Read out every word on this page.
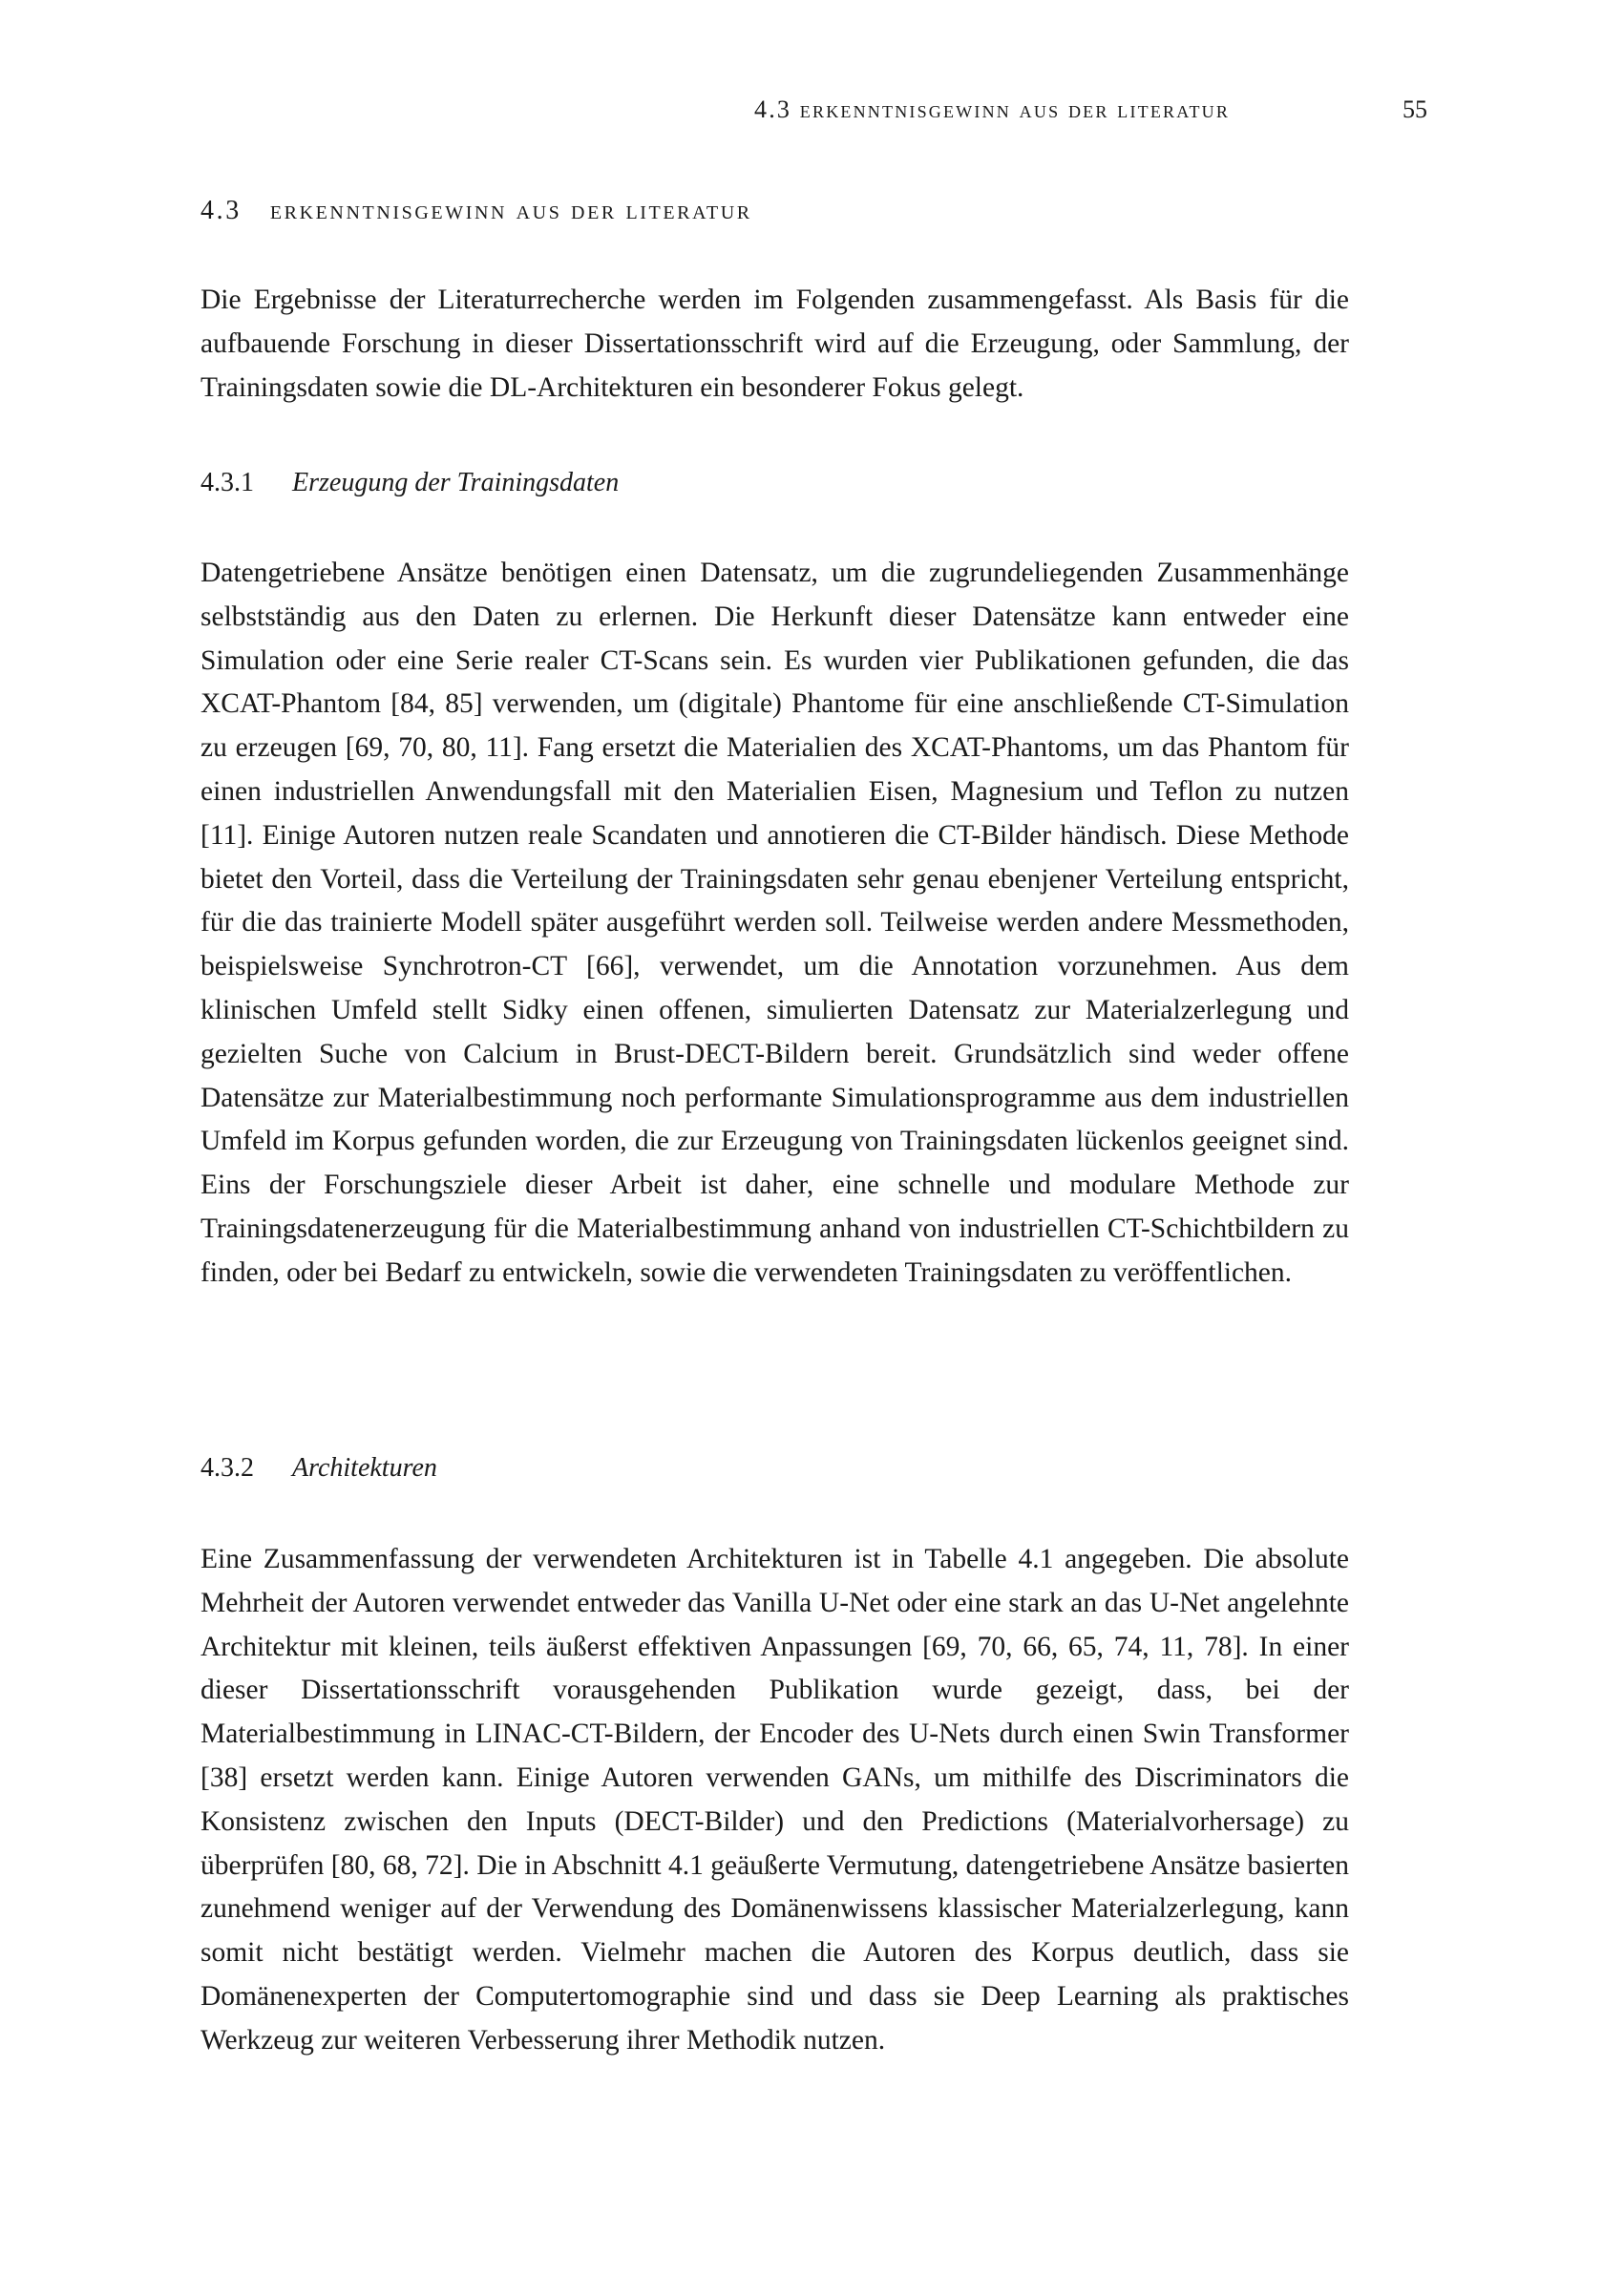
4.3 erkenntnisgewinn aus der literatur	55
4.3 erkenntnisgewinn aus der literatur

Die Ergebnisse der Literaturrecherche werden im Folgenden zusammengefasst. Als Basis für die aufbauende Forschung in dieser Dissertationsschrift wird auf die Erzeugung, oder Sammlung, der Trainingsdaten sowie die DL-Architekturen ein besonderer Fokus gelegt.

4.3.1 Erzeugung der Trainingsdaten

Datengetriebene Ansätze benötigen einen Datensatz, um die zugrundeliegenden Zusammenhänge selbstständig aus den Daten zu erlernen. Die Herkunft dieser Datensätze kann entweder eine Simulation oder eine Serie realer CT-Scans sein. Es wurden vier Publikationen gefunden, die das XCAT-Phantom [84, 85] verwenden, um (digitale) Phantome für eine anschließende CT-Simulation zu erzeugen [69, 70, 80, 11]. Fang ersetzt die Materialien des XCAT-Phantoms, um das Phantom für einen industriellen Anwendungsfall mit den Materialien Eisen, Magnesium und Teflon zu nutzen [11]. Einige Autoren nutzen reale Scandaten und annotieren die CT-Bilder händisch. Diese Methode bietet den Vorteil, dass die Verteilung der Trainingsdaten sehr genau ebenjener Verteilung entspricht, für die das trainierte Modell später ausgeführt werden soll. Teilweise werden andere Messmethoden, beispielsweise Synchrotron-CT [66], verwendet, um die Annotation vorzunehmen. Aus dem klinischen Umfeld stellt Sidky einen offenen, simulierten Datensatz zur Materialzerlegung und gezielten Suche von Calcium in Brust-DECT-Bildern bereit. Grundsätzlich sind weder offene Datensätze zur Materialbestimmung noch performante Simulationsprogramme aus dem industriellen Umfeld im Korpus gefunden worden, die zur Erzeugung von Trainingsdaten lückenlos geeignet sind. Eins der Forschungsziele dieser Arbeit ist daher, eine schnelle und modulare Methode zur Trainingsdatenerzeugung für die Materialbestimmung anhand von industriellen CT-Schichtbildern zu finden, oder bei Bedarf zu entwickeln, sowie die verwendeten Trainingsdaten zu veröffentlichen.

4.3.2 Architekturen

Eine Zusammenfassung der verwendeten Architekturen ist in Tabelle 4.1 angegeben. Die absolute Mehrheit der Autoren verwendet entweder das Vanilla U-Net oder eine stark an das U-Net angelehnte Architektur mit kleinen, teils äußerst effektiven Anpassungen [69, 70, 66, 65, 74, 11, 78]. In einer dieser Dissertationsschrift vorausgehenden Publikation wurde gezeigt, dass, bei der Materialbestimmung in LINAC-CT-Bildern, der Encoder des U-Nets durch einen Swin Transformer [38] ersetzt werden kann. Einige Autoren verwenden GANs, um mithilfe des Discriminators die Konsistenz zwischen den Inputs (DECT-Bilder) und den Predictions (Materialvorhersage) zu überprüfen [80, 68, 72]. Die in Abschnitt 4.1 geäußerte Vermutung, datengetriebene Ansätze basierten zunehmend weniger auf der Verwendung des Domänenwissens klassischer Materialzerlegung, kann somit nicht bestätigt werden. Vielmehr machen die Autoren des Korpus deutlich, dass sie Domänenexperten der Computertomographie sind und dass sie Deep Learning als praktisches Werkzeug zur weiteren Verbesserung ihrer Methodik nutzen.
